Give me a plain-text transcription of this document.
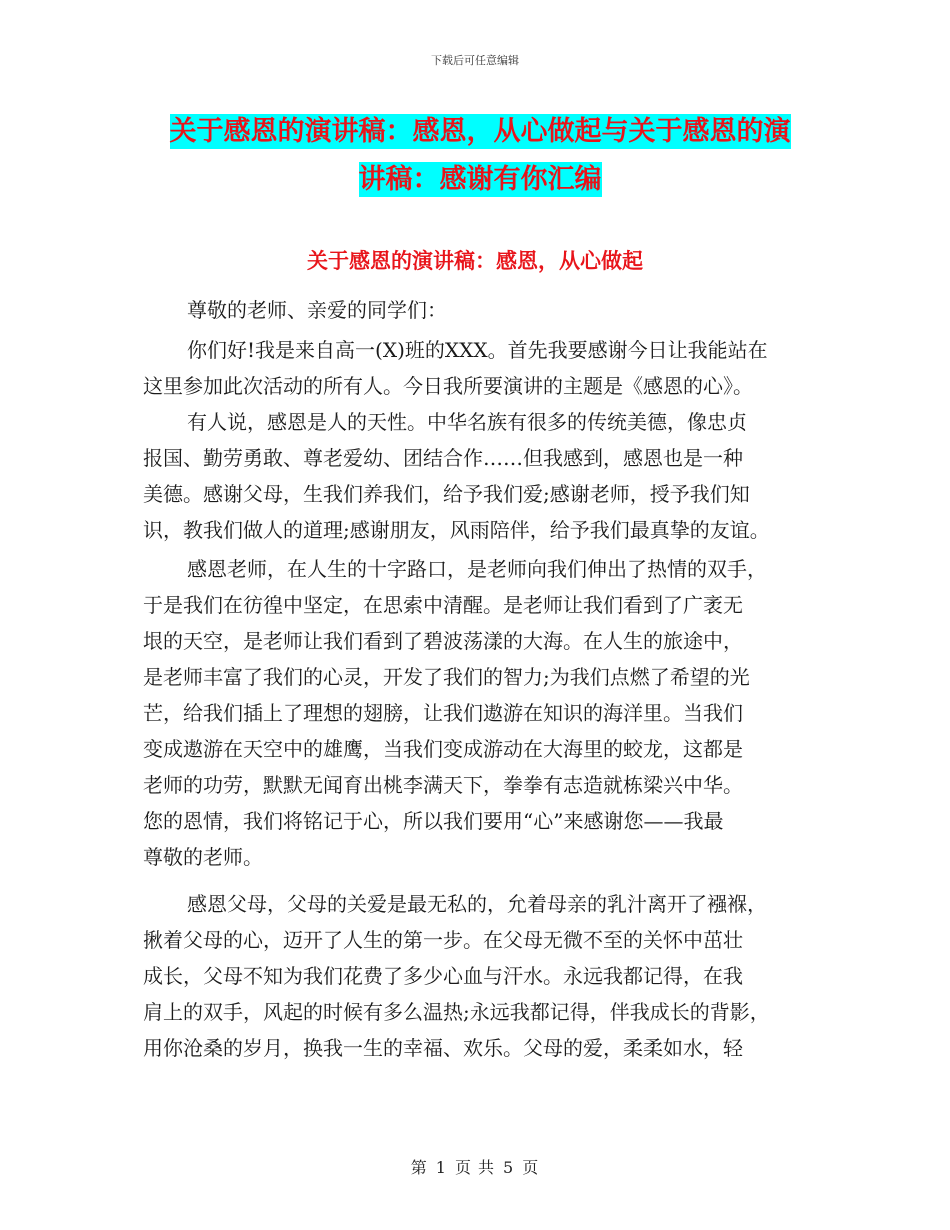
下载后可任意编辑
关于感恩的演讲稿：感恩，从心做起与关于感恩的演
讲稿：感谢有你汇编
关于感恩的演讲稿：感恩，从心做起
尊敬的老师、亲爱的同学们：
你们好!我是来自高一(X)班的XXX。首先我要感谢今日让我能站在
这里参加此次活动的所有人。今日我所要演讲的主题是《感恩的心》。
有人说，感恩是人的天性。中华名族有很多的传统美德，像忠贞
报国、勤劳勇敢、尊老爱幼、团结合作……但我感到，感恩也是一种
美德。感谢父母，生我们养我们，给予我们爱;感谢老师，授予我们知
识，教我们做人的道理;感谢朋友，风雨陪伴，给予我们最真挚的友谊。
感恩老师，在人生的十字路口，是老师向我们伸出了热情的双手，
于是我们在彷徨中坚定，在思索中清醒。是老师让我们看到了广袤无
垠的天空，是老师让我们看到了碧波荡漾的大海。在人生的旅途中，
是老师丰富了我们的心灵，开发了我们的智力;为我们点燃了希望的光
芒，给我们插上了理想的翅膀，让我们遨游在知识的海洋里。当我们
变成遨游在天空中的雄鹰，当我们变成游动在大海里的蛟龙，这都是
老师的功劳，默默无闻育出桃李满天下，拳拳有志造就栋梁兴中华。
您的恩情，我们将铭记于心，所以我们要用“心”来感谢您——我最
尊敬的老师。
感恩父母，父母的关爱是最无私的，允着母亲的乳汁离开了襁褓，
揪着父母的心，迈开了人生的第一步。在父母无微不至的关怀中茁壮
成长，父母不知为我们花费了多少心血与汗水。永远我都记得，在我
肩上的双手，风起的时候有多么温热;永远我都记得，伴我成长的背影，
用你沧桑的岁月，换我一生的幸福、欢乐。父母的爱，柔柔如水，轻
第 1 页 共 5 页
